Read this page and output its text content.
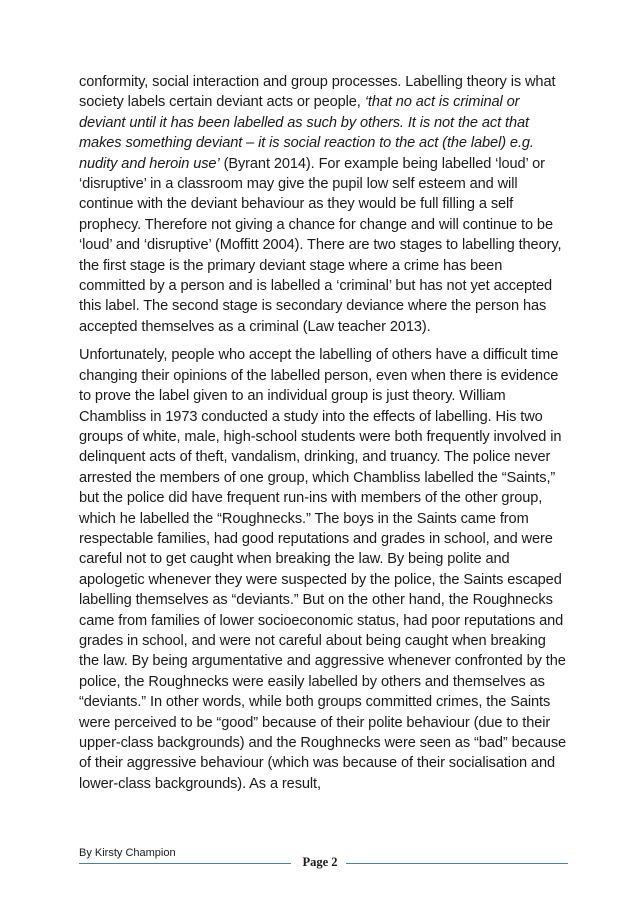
conformity, social interaction and group processes. Labelling theory is what society labels certain deviant acts or people, ‘that no act is criminal or deviant until it has been labelled as such by others. It is not the act that makes something deviant – it is social reaction to the act (the label) e.g. nudity and heroin use’ (Byrant 2014). For example being labelled ‘loud’ or ‘disruptive’ in a classroom may give the pupil low self esteem and will continue with the deviant behaviour as they would be full filling a self prophecy. Therefore not giving a chance for change and will continue to be ‘loud’ and ‘disruptive’ (Moffitt 2004). There are two stages to labelling theory, the first stage is the primary deviant stage where a crime has been committed by a person and is labelled a ‘criminal’ but has not yet accepted this label. The second stage is secondary deviance where the person has accepted themselves as a criminal (Law teacher 2013).

Unfortunately, people who accept the labelling of others have a difficult time changing their opinions of the labelled person, even when there is evidence to prove the label given to an individual group is just theory. William Chambliss in 1973 conducted a study into the effects of labelling. His two groups of white, male, high-school students were both frequently involved in delinquent acts of theft, vandalism, drinking, and truancy. The police never arrested the members of one group, which Chambliss labelled the “Saints,” but the police did have frequent run-ins with members of the other group, which he labelled the “Roughnecks.” The boys in the Saints came from respectable families, had good reputations and grades in school, and were careful not to get caught when breaking the law. By being polite and apologetic whenever they were suspected by the police, the Saints escaped labelling themselves as “deviants.” But on the other hand, the Roughnecks came from families of lower socioeconomic status, had poor reputations and grades in school, and were not careful about being caught when breaking the law. By being argumentative and aggressive whenever confronted by the police, the Roughnecks were easily labelled by others and themselves as “deviants.” In other words, while both groups committed crimes, the Saints were perceived to be “good” because of their polite behaviour (due to their upper-class backgrounds) and the Roughnecks were seen as “bad” because of their aggressive behaviour (which was because of their socialisation and lower-class backgrounds). As a result,

By Kirsty Champion
Page 2
